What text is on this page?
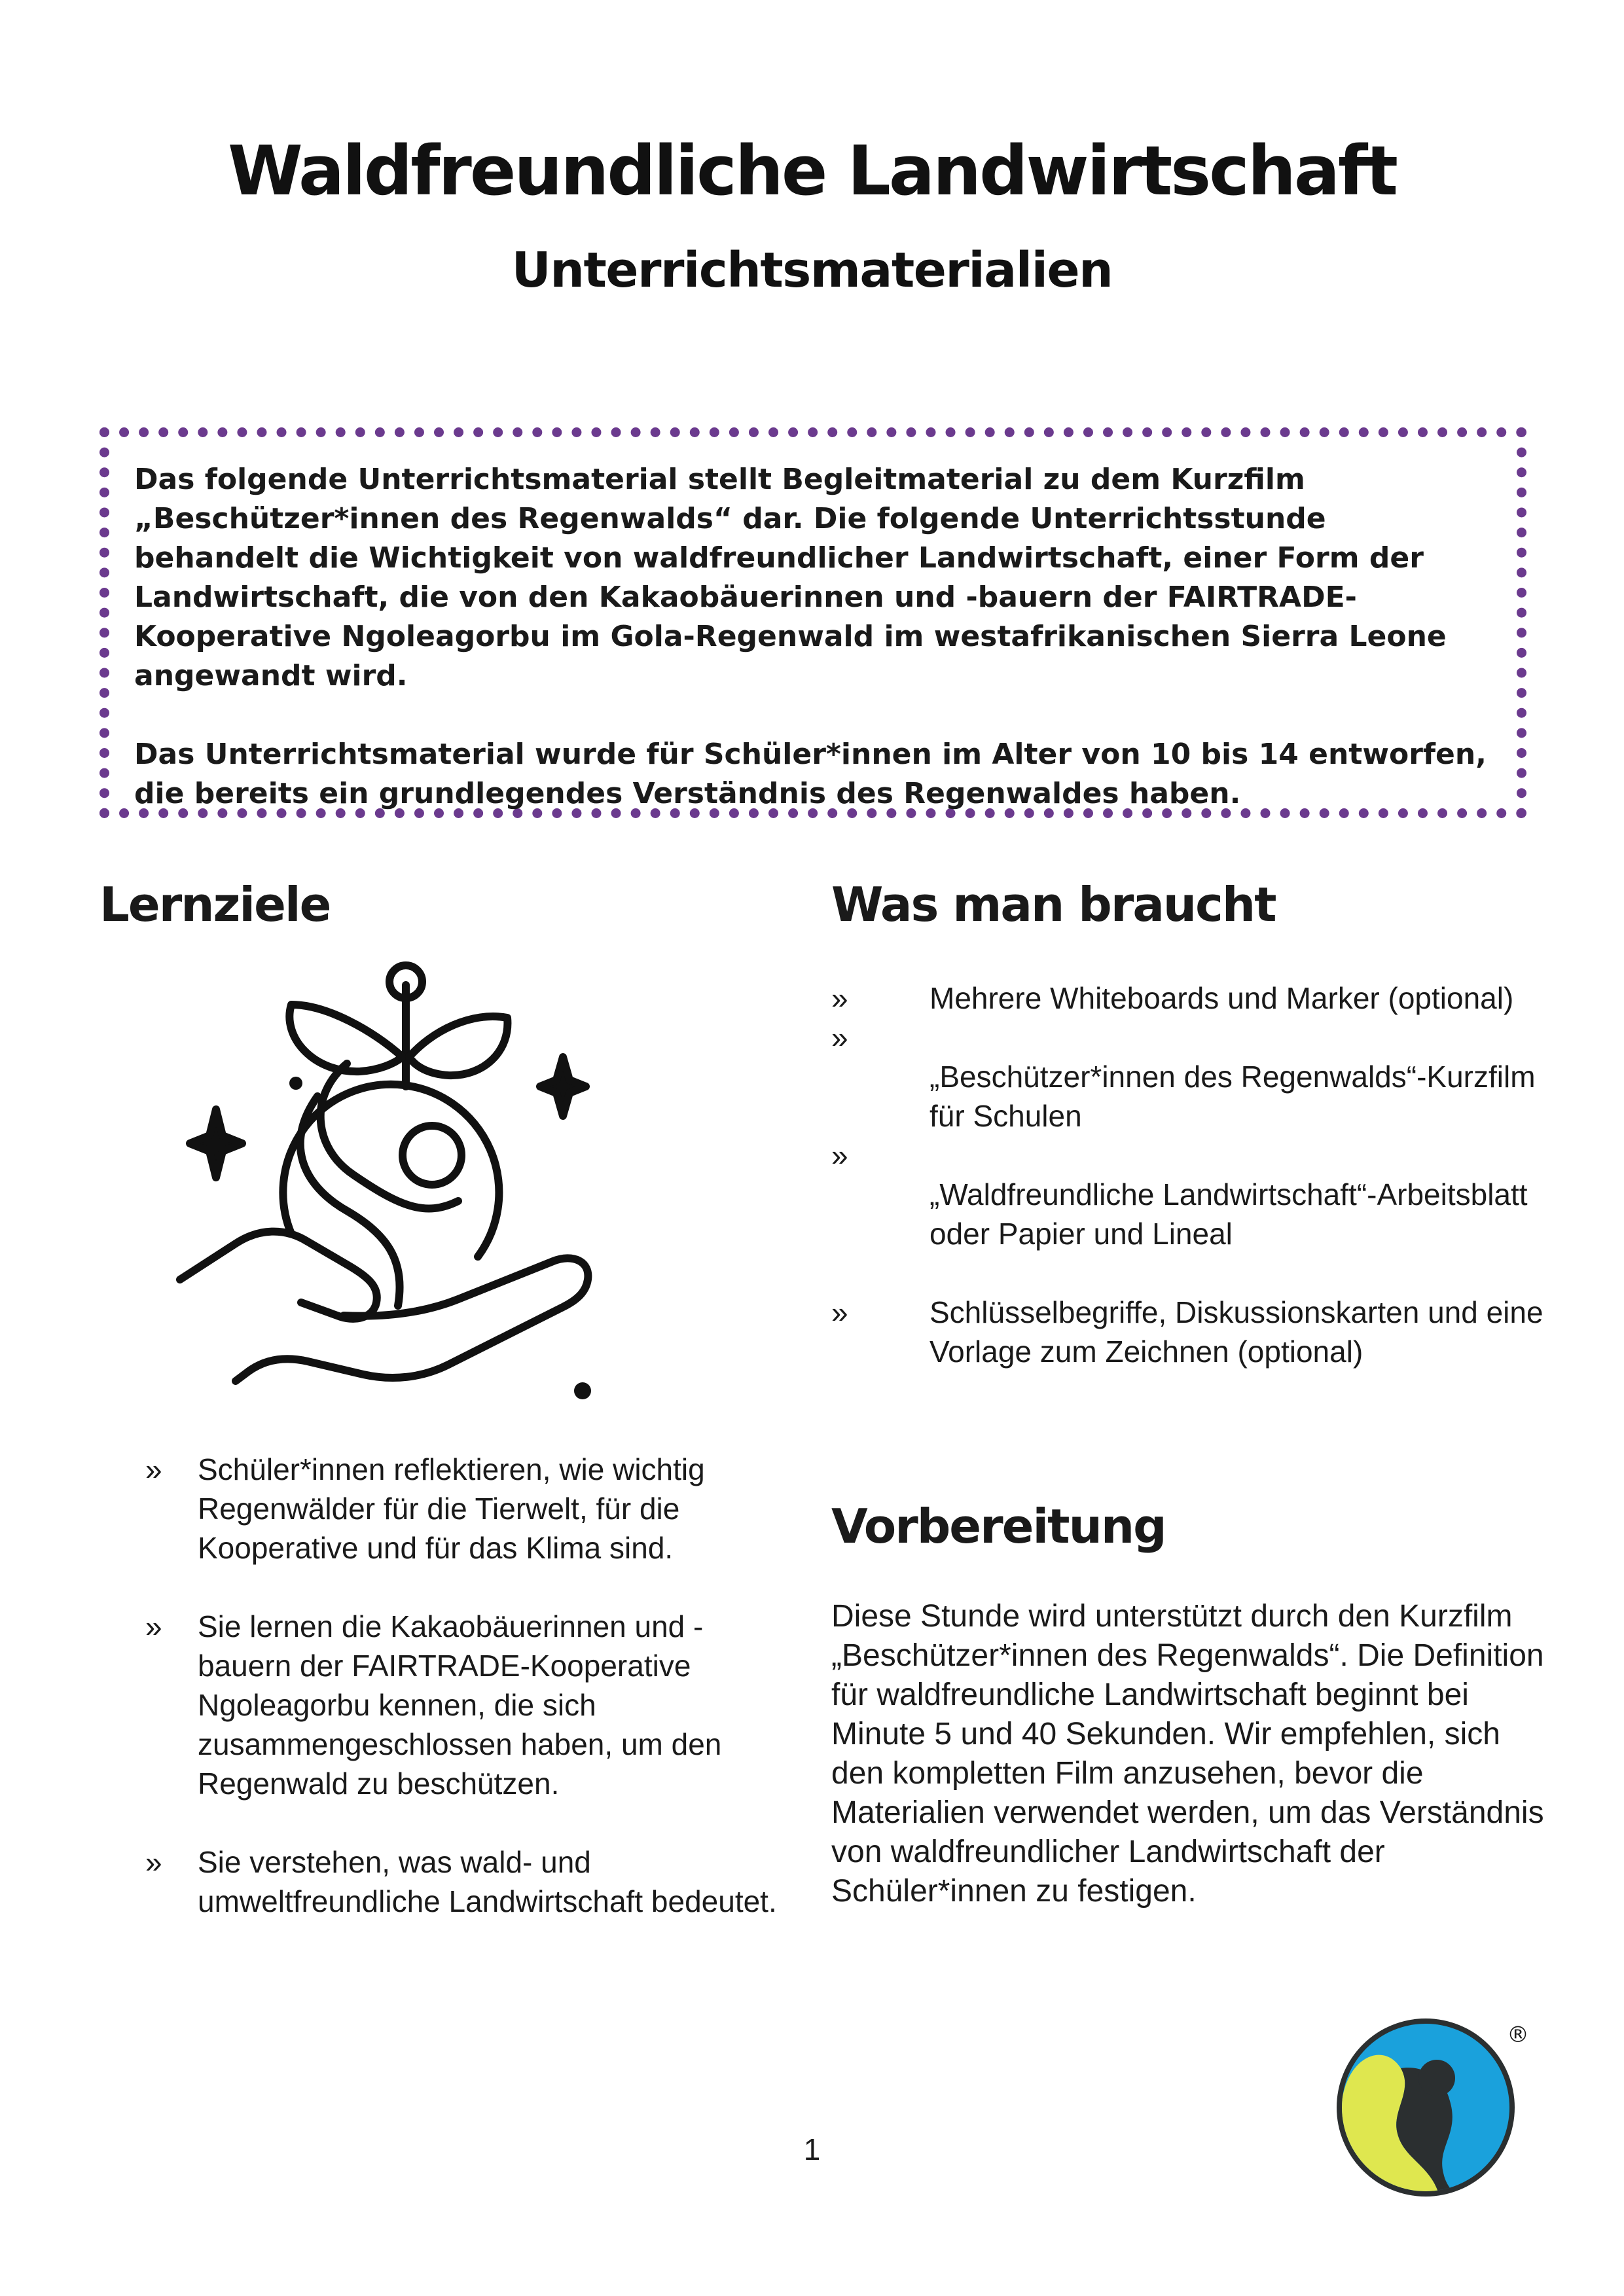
Waldfreundliche Landwirtschaft
Unterrichtsmaterialien

Das folgende Unterrichtsmaterial stellt Begleitmaterial zu dem Kurzfilm „Beschützer*innen des Regenwalds“ dar. Die folgende Unterrichtsstunde behandelt die Wichtigkeit von waldfreundlicher Landwirtschaft, einer Form der Landwirtschaft, die von den Kakaobäuerinnen und -bauern der FAIRTRADE-Kooperative Ngoleagorbu im Gola-Regenwald im westafrikanischen Sierra Leone angewandt wird.

Das Unterrichtsmaterial wurde für Schüler*innen im Alter von 10 bis 14 entworfen, die bereits ein grundlegendes Verständnis des Regenwaldes haben.

Lernziele
» Schüler*innen reflektieren, wie wichtig Regenwälder für die Tierwelt, für die Kooperative und für das Klima sind.
» Sie lernen die Kakaobäuerinnen und -bauern der FAIRTRADE-Kooperative Ngoleagorbu kennen, die sich zusammengeschlossen haben, um den Regenwald zu beschützen.
» Sie verstehen, was wald- und umweltfreundliche Landwirtschaft bedeutet.
Was man braucht
»	Mehrere Whiteboards und Marker (optional)
»
„Beschützer*innen des Regenwalds“-Kurzfilm für Schulen
»
„Waldfreundliche Landwirtschaft“-Arbeitsblatt oder Papier und Lineal
»	Schlüsselbegriffe, Diskussionskarten und eine Vorlage zum Zeichnen (optional)
Vorbereitung

Diese Stunde wird unterstützt durch den Kurzfilm „Beschützer*innen des Regenwalds“. Die Definition für waldfreundliche Landwirtschaft beginnt bei Minute 5 und 40 Sekunden. Wir empfehlen, sich den kompletten Film anzusehen, bevor die Materialien verwendet werden, um das Verständnis von waldfreundlicher Landwirtschaft der Schüler*innen zu festigen.

1
®
